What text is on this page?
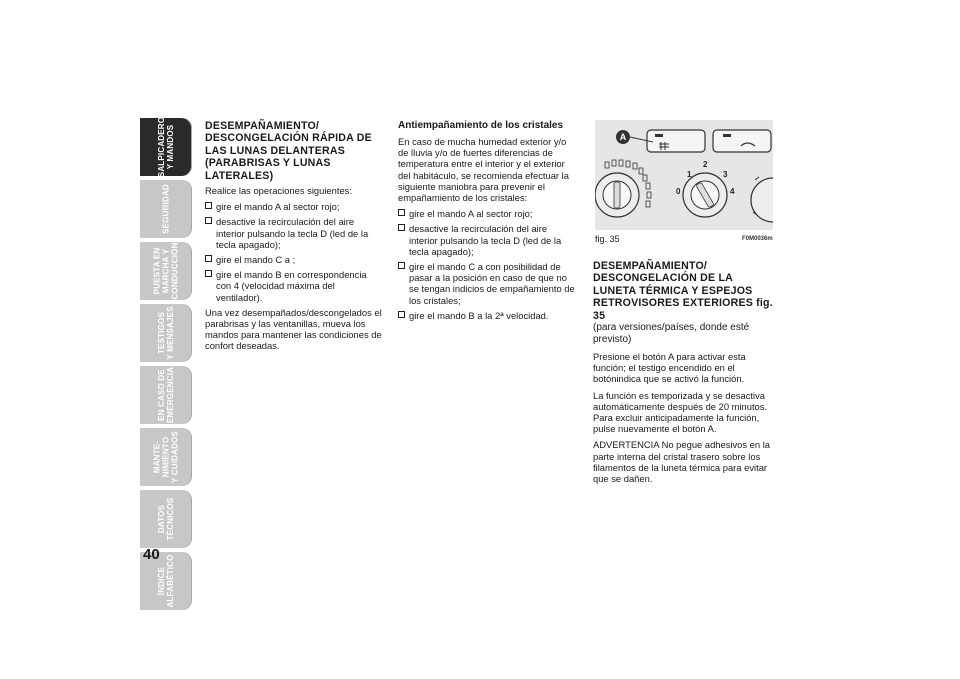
SALPICADERO
Y MANDOS
SEGURIDAD
PUESTA EN
MARCHA Y
CONDUCCIÓN
TESTIGOS
Y MENSAJES
EN CASO DE
EMERGENCIA
MANTE-
NIMIENTO
Y CUIDADOS
DATOS
TÉCNICOS
ÍNDICE
ALFABÉTICO
40

DESEMPAÑAMIENTO/ DESCONGELACIÓN RÁPIDA DE LAS LUNAS DELANTERAS (PARABRISAS Y LUNAS LATERALES)

Realice las operaciones siguientes:

gire el mando A al sector rojo;
desactive la recirculación del aire interior pulsando la tecla D (led de la tecla apagado);
gire el mando C a ;
gire el mando B en correspondencia con 4 (velocidad máxima del ventilador).

Una vez desempañados/descongelados el parabrisas y las ventanillas, mueva los mandos para mantener las condiciones de confort deseadas.

Antiempañamiento de los cristales

En caso de mucha humedad exterior y/o de lluvia y/o de fuertes diferencias de temperatura entre el interior y el exterior del habitáculo, se recomienda efectuar la siguiente maniobra para prevenir el empañamiento de los cristales:

gire el mando A al sector rojo;
desactive la recirculación del aire interior pulsando la tecla D (led de la tecla apagado);
gire el mando C a con posibilidad de pasar a la posición en caso de que no se tengan indicios de empañamiento de los cristales;
gire el mando B a la 2ª velocidad.
0
1
2
3
4
A
fig. 35	F0M0036m

DESEMPAÑAMIENTO/ DESCONGELACIÓN DE LA LUNETA TÉRMICA Y ESPEJOS RETROVISORES EXTERIORES fig. 35

(para versiones/países, donde esté previsto)

Presione el botón A para activar esta función; el testigo encendido en el botónindica que se activó la función.

La función es temporizada y se desactiva automáticamente después de 20 minutos. Para excluir anticipadamente la función, pulse nuevamente el botón A.

ADVERTENCIA No pegue adhesivos en la parte interna del cristal trasero sobre los filamentos de la luneta térmica para evitar que se dañen.
